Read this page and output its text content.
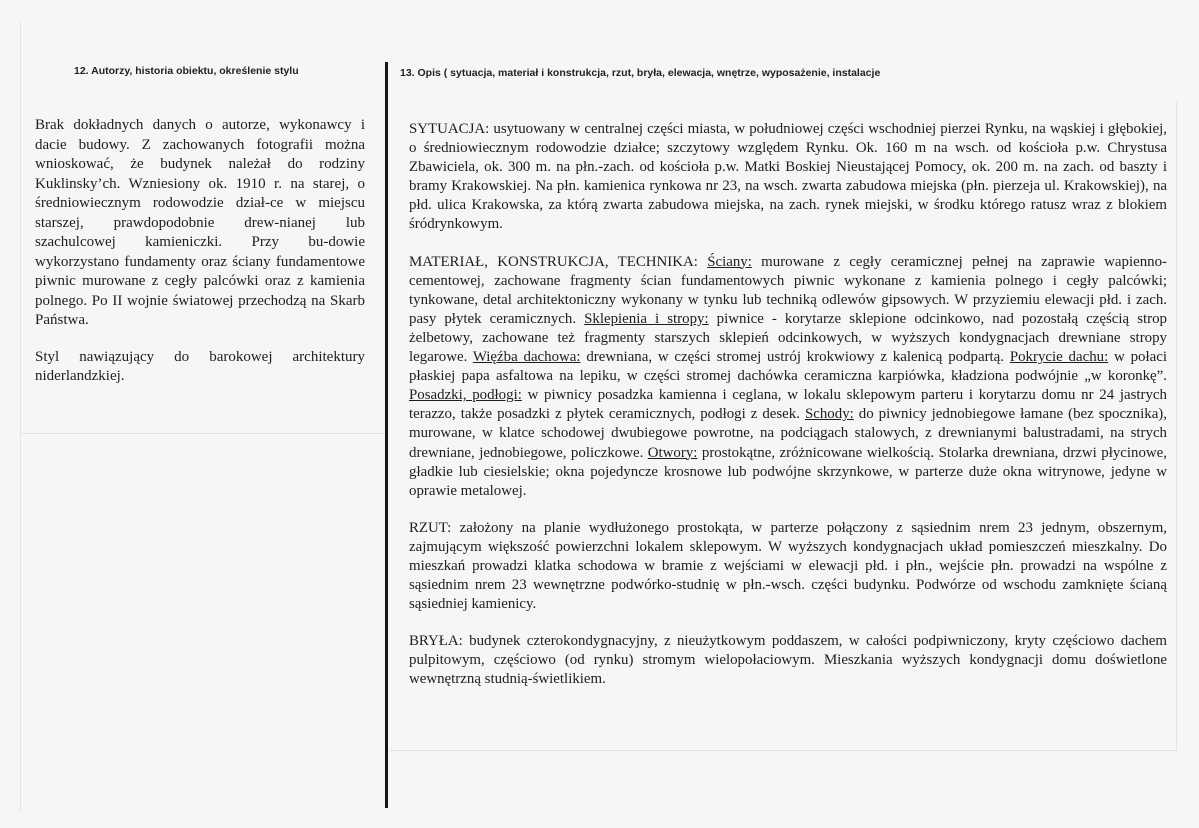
12. Autorzy, historia obiektu, określenie stylu	13. Opis ( sytuacja, materiał i konstrukcja, rzut, bryła, elewacja, wnętrze, wyposażenie, instalacje

Brak dokładnych danych o autorze, wykonawcy i dacie budowy. Z zachowanych fotografii można wnioskować, że budynek należał do rodziny Kuklinsky’ch. Wzniesiony ok. 1910 r. na starej, o średniowiecznym rodowodzie dział-ce w miejscu starszej, prawdopodobnie drew-nianej lub szachulcowej kamieniczki. Przy bu-dowie wykorzystano fundamenty oraz ściany fundamentowe piwnic murowane z cegły palcówki oraz z kamienia polnego. Po II wojnie światowej przechodzą na Skarb Państwa.

Styl nawiązujący do barokowej architektury niderlandzkiej.

SYTUACJA: usytuowany w centralnej części miasta, w południowej części wschodniej pierzei Rynku, na wąskiej i głębokiej, o średniowiecznym rodowodzie działce; szczytowy względem Rynku. Ok. 160 m na wsch. od kościoła p.w. Chrystusa Zbawiciela, ok. 300 m. na płn.-zach. od kościoła p.w. Matki Boskiej Nieustającej Pomocy, ok. 200 m. na zach. od baszty i bramy Krakowskiej. Na płn. kamienica rynkowa nr 23, na wsch. zwarta zabudowa miejska (płn. pierzeja ul. Krakowskiej), na płd. ulica Krakowska, za którą zwarta zabudowa miejska, na zach. rynek miejski, w środku którego ratusz wraz z blokiem śródrynkowym.

MATERIAŁ, KONSTRUKCJA, TECHNIKA: Ściany: murowane z cegły ceramicznej pełnej na zaprawie wapienno-cementowej, zachowane fragmenty ścian fundamentowych piwnic wykonane z kamienia polnego i cegły palcówki; tynkowane, detal architektoniczny wykonany w tynku lub techniką odlewów gipsowych. W przyziemiu elewacji płd. i zach. pasy płytek ceramicznych. Sklepienia i stropy: piwnice - korytarze sklepione odcinkowo, nad pozostałą częścią strop żelbetowy, zachowane też fragmenty starszych sklepień odcinkowych, w wyższych kondygnacjach drewniane stropy legarowe. Więźba dachowa: drewniana, w części stromej ustrój krokwiowy z kalenicą podpartą. Pokrycie dachu: w połaci płaskiej papa asfaltowa na lepiku, w części stromej dachówka ceramiczna karpiówka, kładziona podwójnie „w koronkę”. Posadzki, podłogi: w piwnicy posadzka kamienna i ceglana, w lokalu sklepowym parteru i korytarzu domu nr 24 jastrych terazzo, także posadzki z płytek ceramicznych, podłogi z desek. Schody: do piwnicy jednobiegowe łamane (bez spocznika), murowane, w klatce schodowej dwubiegowe powrotne, na podciągach stalowych, z drewnianymi balustradami, na strych drewniane, jednobiegowe, policzkowe. Otwory: prostokątne, zróżnicowane wielkością. Stolarka drewniana, drzwi płycinowe, gładkie lub ciesielskie; okna pojedyncze krosnowe lub podwójne skrzynkowe, w parterze duże okna witrynowe, jedyne w oprawie metalowej.

RZUT: założony na planie wydłużonego prostokąta, w parterze połączony z sąsiednim nrem 23 jednym, obszernym, zajmującym większość powierzchni lokalem sklepowym. W wyższych kondygnacjach układ pomieszczeń mieszkalny. Do mieszkań prowadzi klatka schodowa w bramie z wejściami w elewacji płd. i płn., wejście płn. prowadzi na wspólne z sąsiednim nrem 23 wewnętrzne podwórko-studnię w płn.-wsch. części budynku. Podwórze od wschodu zamknięte ścianą sąsiedniej kamienicy.

BRYŁA: budynek czterokondygnacyjny, z nieużytkowym poddaszem, w całości podpiwniczony, kryty częściowo dachem pulpitowym, częściowo (od rynku) stromym wielopołaciowym. Mieszkania wyższych kondygnacji domu doświetlone wewnętrzną studnią-świetlikiem.
